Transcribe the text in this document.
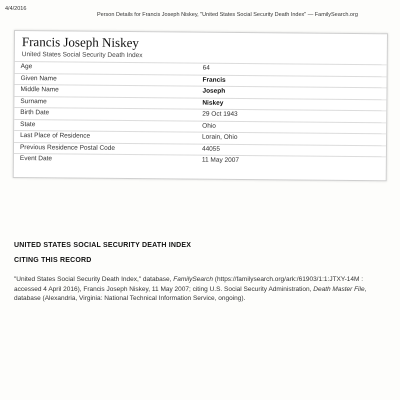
4/4/2016
Person Details for Francis Joseph Niskey, "United States Social Security Death Index" — FamilySearch.org
Francis Joseph Niskey
United States Social Security Death Index
Age	64
Given Name	Francis
Middle Name	Joseph
Surname	Niskey
Birth Date	29 Oct 1943
State	Ohio
Last Place of Residence	Lorain, Ohio
Previous Residence Postal Code	44055
Event Date	11 May 2007
UNITED STATES SOCIAL SECURITY DEATH INDEX
CITING THIS RECORD
"United States Social Security Death Index," database, FamilySearch (https://familysearch.org/ark:/61903/1:1:JTXY-14M : accessed 4 April 2016), Francis Joseph Niskey, 11 May 2007; citing U.S. Social Security Administration, Death Master File, database (Alexandria, Virginia: National Technical Information Service, ongoing).
